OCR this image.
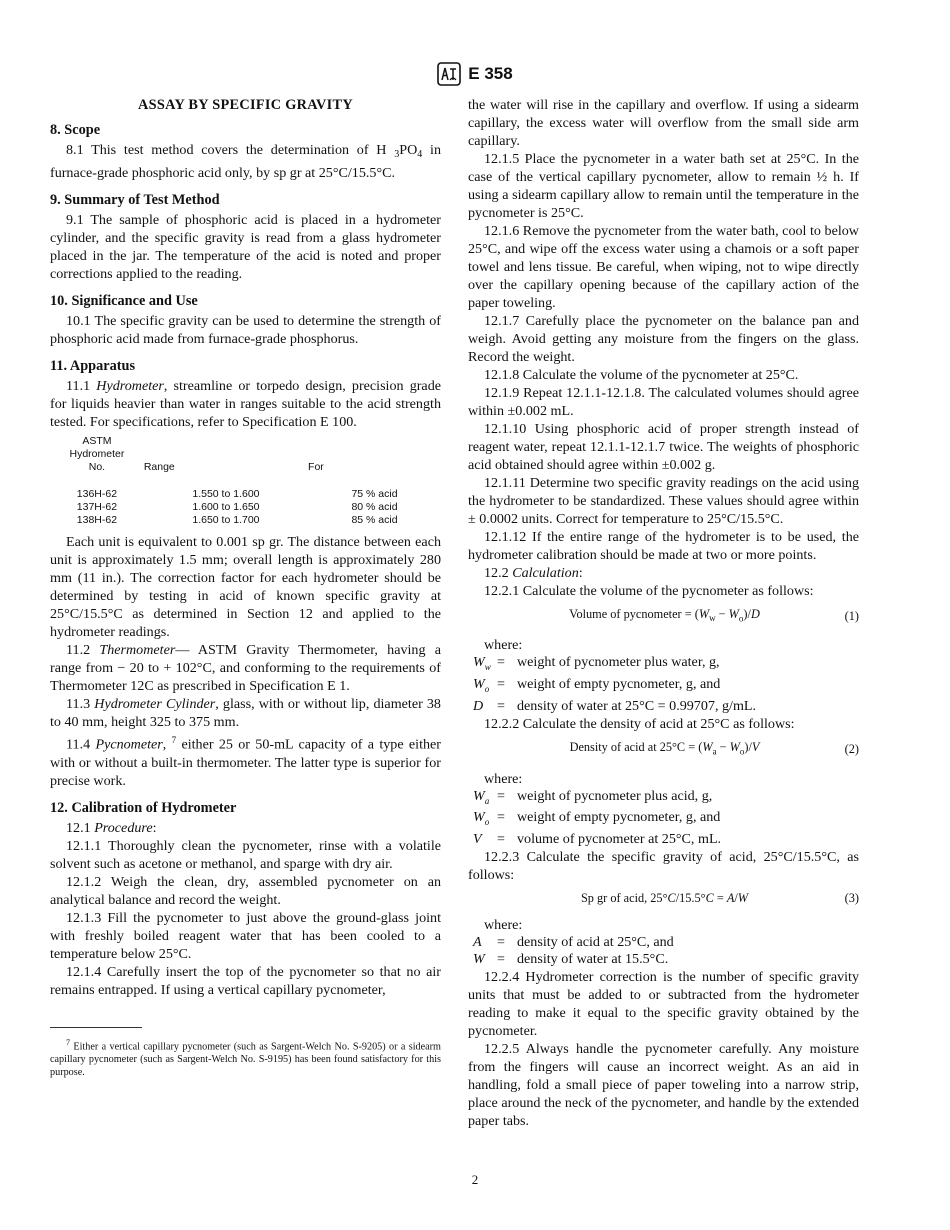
E 358
ASSAY BY SPECIFIC GRAVITY
8. Scope

8.1 This test method covers the determination of H $_3PO_4$ in furnace-grade phosphoric acid only, by sp gr at 25°C/15.5°C.

9. Summary of Test Method

9.1 The sample of phosphoric acid is placed in a hydrometer cylinder, and the specific gravity is read from a glass hydrometer placed in the jar. The temperature of the acid is noted and proper corrections applied to the reading.

10. Significance and Use

10.1 The specific gravity can be used to determine the strength of phosphoric acid made from furnace-grade phosphorus.

11. Apparatus

11.1 Hydrometer, streamline or torpedo design, precision grade for liquids heavier than water in ranges suitable to the acid strength tested. For specifications, refer to Specification E 100.

ASTM
Hydrometer
No.	Range	For
136H-62	1.550 to 1.600	75 % acid
137H-62	1.600 to 1.650	80 % acid
138H-62	1.650 to 1.700	85 % acid

Each unit is equivalent to 0.001 sp gr. The distance between each unit is approximately 1.5 mm; overall length is approximately 280 mm (11 in.). The correction factor for each hydrometer should be determined by testing in acid of known specific gravity at 25°C/15.5°C as determined in Section 12 and applied to the hydrometer readings.

11.2 Thermometer— ASTM Gravity Thermometer, having a range from − 20 to + 102°C, and conforming to the requirements of Thermometer 12C as prescribed in Specification E 1.

11.3 Hydrometer Cylinder, glass, with or without lip, diameter 38 to 40 mm, height 325 to 375 mm.

11.4 Pycnometer, $^7$ either 25 or 50-mL capacity of a type either with or without a built-in thermometer. The latter type is superior for precise work.

12. Calibration of Hydrometer

12.1 Procedure:

12.1.1 Thoroughly clean the pycnometer, rinse with a volatile solvent such as acetone or methanol, and sparge with dry air.

12.1.2 Weigh the clean, dry, assembled pycnometer on an analytical balance and record the weight.

12.1.3 Fill the pycnometer to just above the ground-glass joint with freshly boiled reagent water that has been cooled to a temperature below 25°C.

12.1.4 Carefully insert the top of the pycnometer so that no air remains entrapped. If using a vertical capillary pycnometer,

$^7$ Either a vertical capillary pycnometer (such as Sargent-Welch No. S-9205) or a sidearm capillary pycnometer (such as Sargent-Welch No. S-9195) has been found satisfactory for this purpose.

the water will rise in the capillary and overflow. If using a sidearm capillary, the excess water will overflow from the small side arm capillary.

12.1.5 Place the pycnometer in a water bath set at 25°C. In the case of the vertical capillary pycnometer, allow to remain ½ h. If using a sidearm capillary allow to remain until the temperature in the pycnometer is 25°C.

12.1.6 Remove the pycnometer from the water bath, cool to below 25°C, and wipe off the excess water using a chamois or a soft paper towel and lens tissue. Be careful, when wiping, not to wipe directly over the capillary opening because of the capillary action of the paper toweling.

12.1.7 Carefully place the pycnometer on the balance pan and weigh. Avoid getting any moisture from the fingers on the glass. Record the weight.

12.1.8 Calculate the volume of the pycnometer at 25°C.

12.1.9 Repeat 12.1.1-12.1.8. The calculated volumes should agree within ±0.002 mL.

12.1.10 Using phosphoric acid of proper strength instead of reagent water, repeat 12.1.1-12.1.7 twice. The weights of phosphoric acid obtained should agree within ±0.002 g.

12.1.11 Determine two specific gravity readings on the acid using the hydrometer to be standardized. These values should agree within ± 0.0002 units. Correct for temperature to 25°C/15.5°C.

12.1.12 If the entire range of the hydrometer is to be used, the hydrometer calibration should be made at two or more points.

12.2 Calculation:

12.2.1 Calculate the volume of the pycnometer as follows:

Volume of pycnometer = $(W_w - W_o)/D$	(1)

where:

$W_w$ = weight of pycnometer plus water, g,
$W_o$ = weight of empty pycnometer, g, and
D = density of water at 25°C = 0.99707, g/mL.

12.2.2 Calculate the density of acid at 25°C as follows:

Density of acid at $25^\circ C = (W_a - W_o)/V$	(2)

where:

$W_a$ = weight of pycnometer plus acid, g,
$W_o$ = weight of empty pycnometer, g, and
V	= volume of pycnometer at 25°C, mL.

12.2.3 Calculate the specific gravity of acid, 25°C/15.5°C, as follows:

Sp gr of acid, 25°C/15.5°C = A/W	(3)

where:

A	= density of acid at 25°C, and
W = density of water at 15.5°C.

12.2.4 Hydrometer correction is the number of specific gravity units that must be added to or subtracted from the hydrometer reading to make it equal to the specific gravity obtained by the pycnometer.

12.2.5 Always handle the pycnometer carefully. Any moisture from the fingers will cause an incorrect weight. As an aid in handling, fold a small piece of paper toweling into a narrow strip, place around the neck of the pycnometer, and handle by the extended paper tabs.

2
